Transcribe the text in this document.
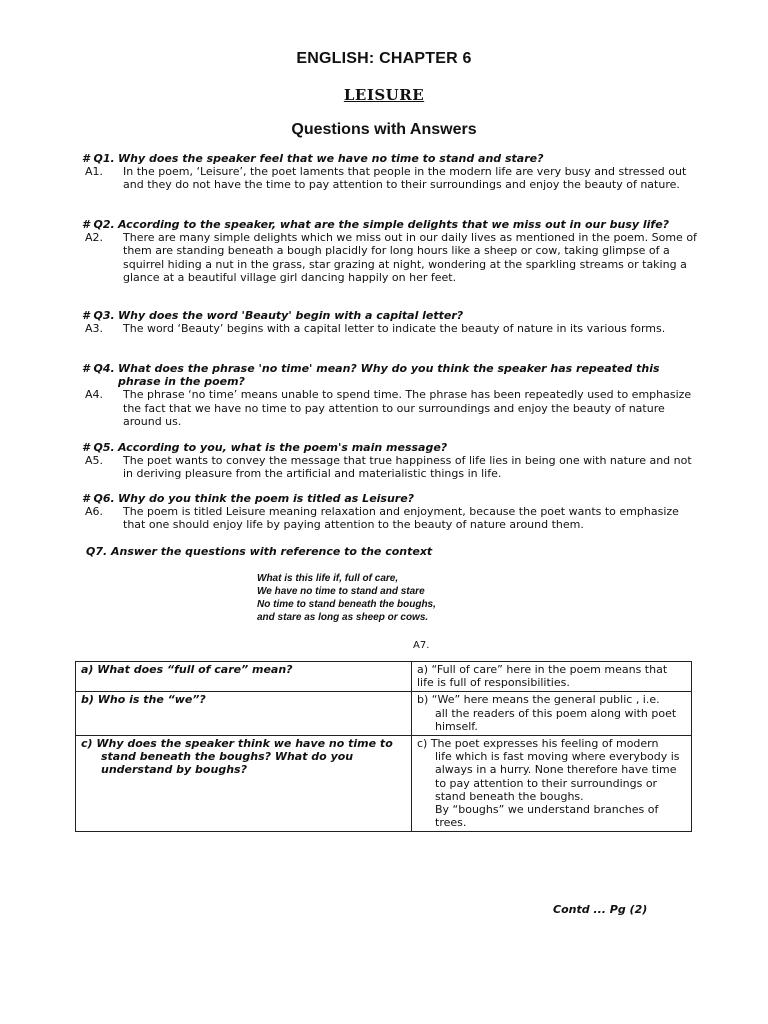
ENGLISH: CHAPTER 6
LEISURE
Questions with Answers
# Q1. Why does the speaker feel that we have no time to stand and stare?
A1.	In the poem, ‘Leisure’, the poet laments that people in the modern life are very busy and stressed out and they do not have the time to pay attention to their surroundings and enjoy the beauty of nature.
# Q2. According to the speaker, what are the simple delights that we miss out in our busy life?
A2.	There are many simple delights which we miss out in our daily lives as mentioned in the poem. Some of them are standing beneath a bough placidly for long hours like a sheep or cow, taking glimpse of a squirrel hiding a nut in the grass, star grazing at night, wondering at the sparkling streams or taking a glance at a beautiful village girl dancing happily on her feet.
# Q3. Why does the word 'Beauty' begin with a capital letter?
A3.	The word ‘Beauty’ begins with a capital letter to indicate the beauty of nature in its various forms.
# Q4. What does the phrase 'no time' mean? Why do you think the speaker has repeated this phrase in the poem?
A4.	The phrase ‘no time’ means unable to spend time. The phrase has been repeatedly used to emphasize the fact that we have no time to pay attention to our surroundings and enjoy the beauty of nature around us.
# Q5. According to you, what is the poem's main message?
A5.	The poet wants to convey the message that true happiness of life lies in being one with nature and not in deriving pleasure from the artificial and materialistic things in life.
# Q6. Why do you think the poem is titled as Leisure?
A6.	The poem is titled Leisure meaning relaxation and enjoyment, because the poet wants to emphasize that one should enjoy life by paying attention to the beauty of nature around them.
Q7. Answer the questions with reference to the context
What is this life if, full of care,
We have no time to stand and stare
No time to stand beneath the boughs,
and stare as long as sheep or cows.
A7.
a) What does “full of care” mean?	a) “Full of care” here in the poem means that life is full of responsibilities.

b) Who is the “we”?	b) “We” here means the general public , i.e.
all the readers of this poem along with poet himself.

c) Why does the speaker think we have no time to stand beneath the boughs? What do you understand by boughs?	c) The poet expresses his feeling of modern
life which is fast moving where everybody is always in a hurry. None therefore have time to pay attention to their surroundings or stand beneath the boughs.
By “boughs” we understand branches of trees.
Contd ... Pg (2)
